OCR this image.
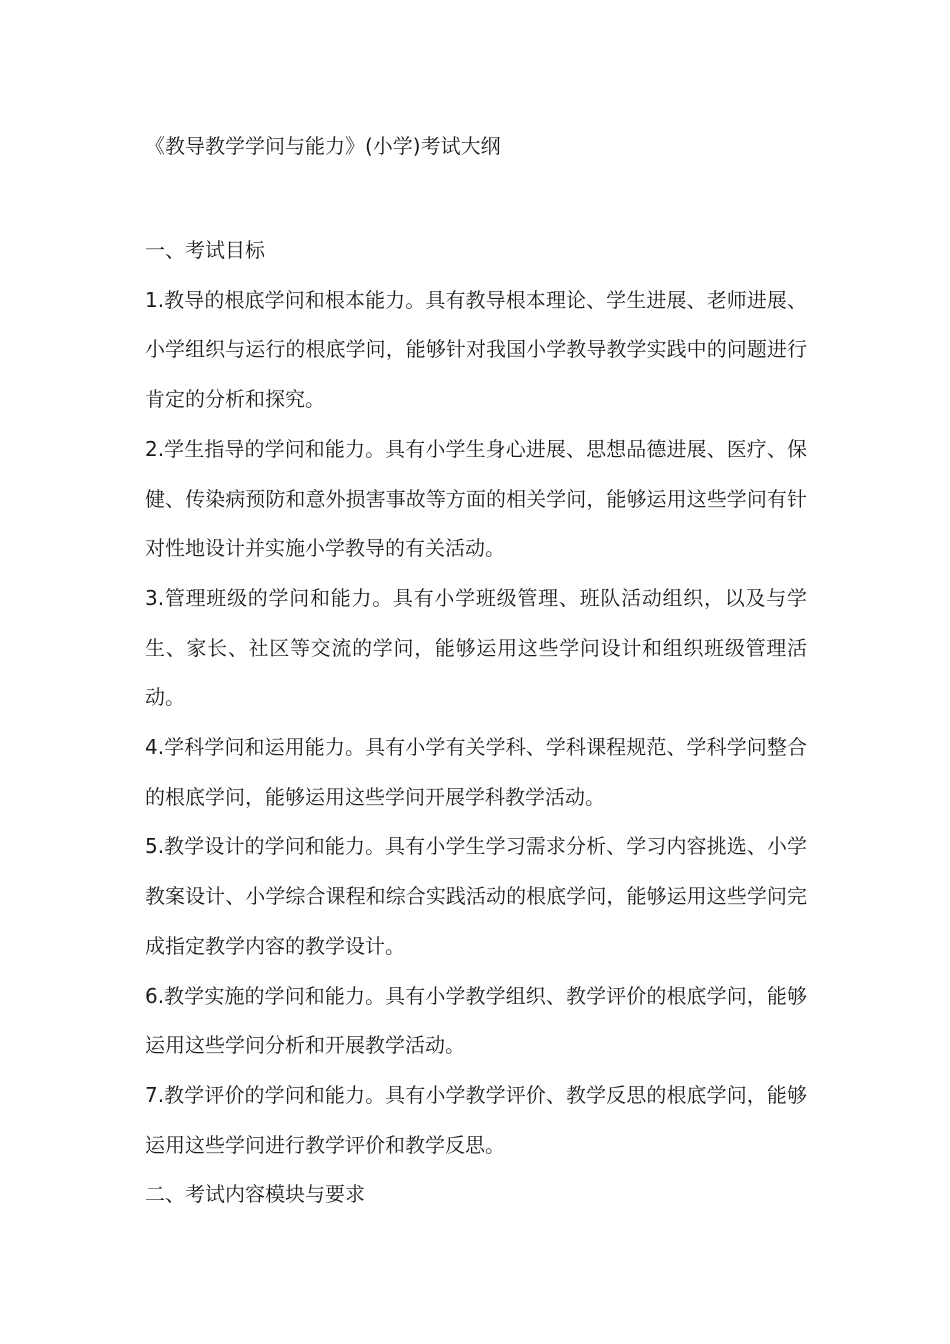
《教导教学学问与能力》(小学)考试大纲
一、考试目标
1.教导的根底学问和根本能力。具有教导根本理论、学生进展、老师进展、小学组织与运行的根底学问，能够针对我国小学教导教学实践中的问题进行肯定的分析和探究。
2.学生指导的学问和能力。具有小学生身心进展、思想品德进展、医疗、保健、传染病预防和意外损害事故等方面的相关学问，能够运用这些学问有针对性地设计并实施小学教导的有关活动。
3.管理班级的学问和能力。具有小学班级管理、班队活动组织，以及与学生、家长、社区等交流的学问，能够运用这些学问设计和组织班级管理活动。
4.学科学问和运用能力。具有小学有关学科、学科课程规范、学科学问整合的根底学问，能够运用这些学问开展学科教学活动。
5.教学设计的学问和能力。具有小学生学习需求分析、学习内容挑选、小学教案设计、小学综合课程和综合实践活动的根底学问，能够运用这些学问完成指定教学内容的教学设计。
6.教学实施的学问和能力。具有小学教学组织、教学评价的根底学问，能够运用这些学问分析和开展教学活动。
7.教学评价的学问和能力。具有小学教学评价、教学反思的根底学问，能够运用这些学问进行教学评价和教学反思。
二、考试内容模块与要求
